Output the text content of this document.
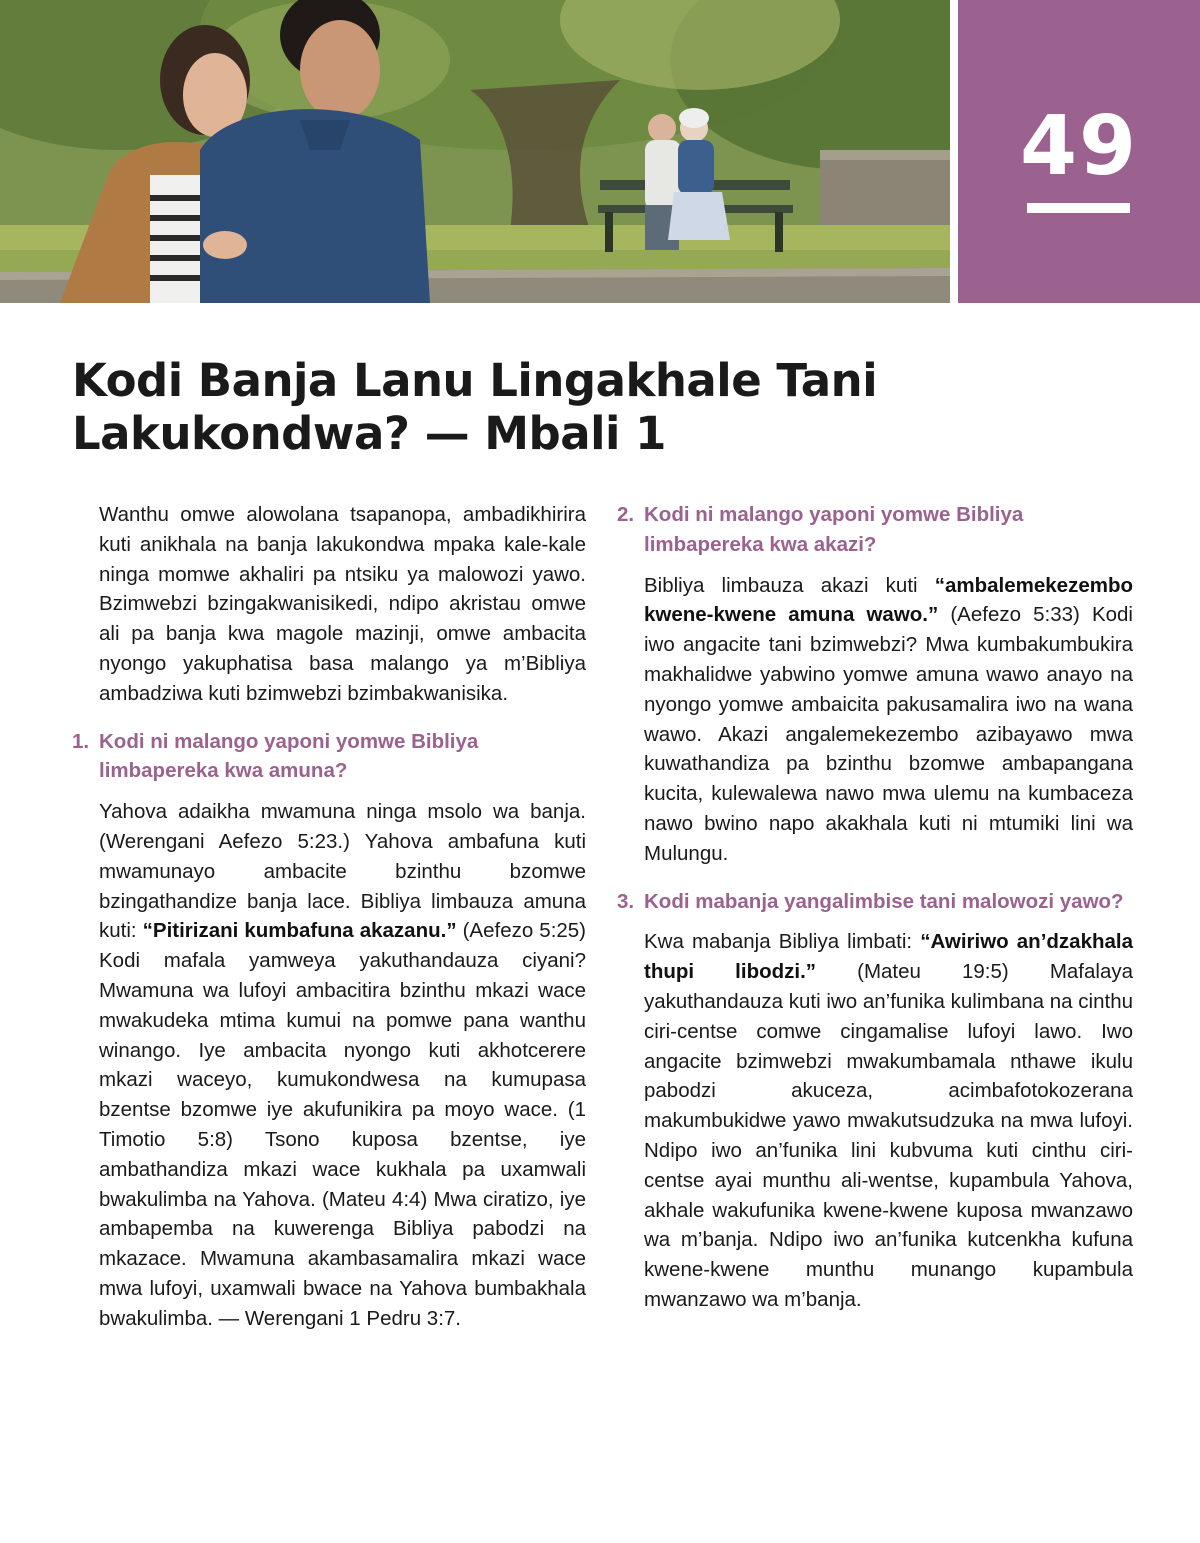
49
Kodi Banja Lanu Lingakhale Tani Lakukondwa? — Mbali 1

Wanthu omwe alowolana tsapanopa, ambadikhirira kuti anikhala na banja lakukondwa mpaka kale-kale ninga momwe akhaliri pa ntsiku ya malowozi yawo. Bzimwebzi bzingakwanisikedi, ndipo akristau omwe ali pa banja kwa magole mazinji, omwe ambacita nyongo yakuphatisa basa malango ya m’Bibliya ambadziwa kuti bzimwebzi bzimbakwanisika.

1. Kodi ni malango yaponi yomwe Bibliya limbapereka kwa amuna?

Yahova adaikha mwamuna ninga msolo wa banja. (Werengani Aefezo 5:23.) Yahova ambafuna kuti mwamunayo ambacite bzinthu bzomwe bzingathandize banja lace. Bibliya limbauza amuna kuti: “Pitirizani kumbafuna akazanu.” (Aefezo 5:25) Kodi mafala yamweya yakuthandauza ciyani? Mwamuna wa lufoyi ambacitira bzinthu mkazi wace mwakudeka mtima kumui na pomwe pana wanthu winango. Iye ambacita nyongo kuti akhotcerere mkazi waceyo, kumukondwesa na kumupasa bzentse bzomwe iye akufunikira pa moyo wace. (1 Timotio 5:8) Tsono kuposa bzentse, iye ambathandiza mkazi wace kukhala pa uxamwali bwakulimba na Yahova. (Mateu 4:4) Mwa ciratizo, iye ambapemba na kuwerenga Bibliya pabodzi na mkazace. Mwamuna akambasamalira mkazi wace mwa lufoyi, uxamwali bwace na Yahova bumbakhala bwakulimba. — Werengani 1 Pedru 3:7.

2. Kodi ni malango yaponi yomwe Bibliya limbapereka kwa akazi?

Bibliya limbauza akazi kuti “ambalemekezembo kwene-kwene amuna wawo.” (Aefezo 5:33) Kodi iwo angacite tani bzimwebzi? Mwa kumbakumbukira makhalidwe yabwino yomwe amuna wawo anayo na nyongo yomwe ambaicita pakusamalira iwo na wana wawo. Akazi angalemekezembo azibayawo mwa kuwathandiza pa bzinthu bzomwe ambapangana kucita, kulewalewa nawo mwa ulemu na kumbaceza nawo bwino napo akakhala kuti ni mtumiki lini wa Mulungu.

3. Kodi mabanja yangalimbise tani malowozi yawo?

Kwa mabanja Bibliya limbati: “Awiriwo an’dzakhala thupi libodzi.” (Mateu 19:5) Mafalaya yakuthandauza kuti iwo an’funika kulimbana na cinthu ciri-centse comwe cingamalise lufoyi lawo. Iwo angacite bzimwebzi mwakumbamala nthawe ikulu pabodzi akuceza, acimbafotokozerana makumbukidwe yawo mwakutsudzuka na mwa lufoyi. Ndipo iwo an’funika lini kubvuma kuti cinthu ciri-centse ayai munthu ali-wentse, kupambula Yahova, akhale wakufunika kwene-kwene kuposa mwanzawo wa m’banja. Ndipo iwo an’funika kutcenkha kufuna kwene-kwene munthu munango kupambula mwanzawo wa m’banja.
